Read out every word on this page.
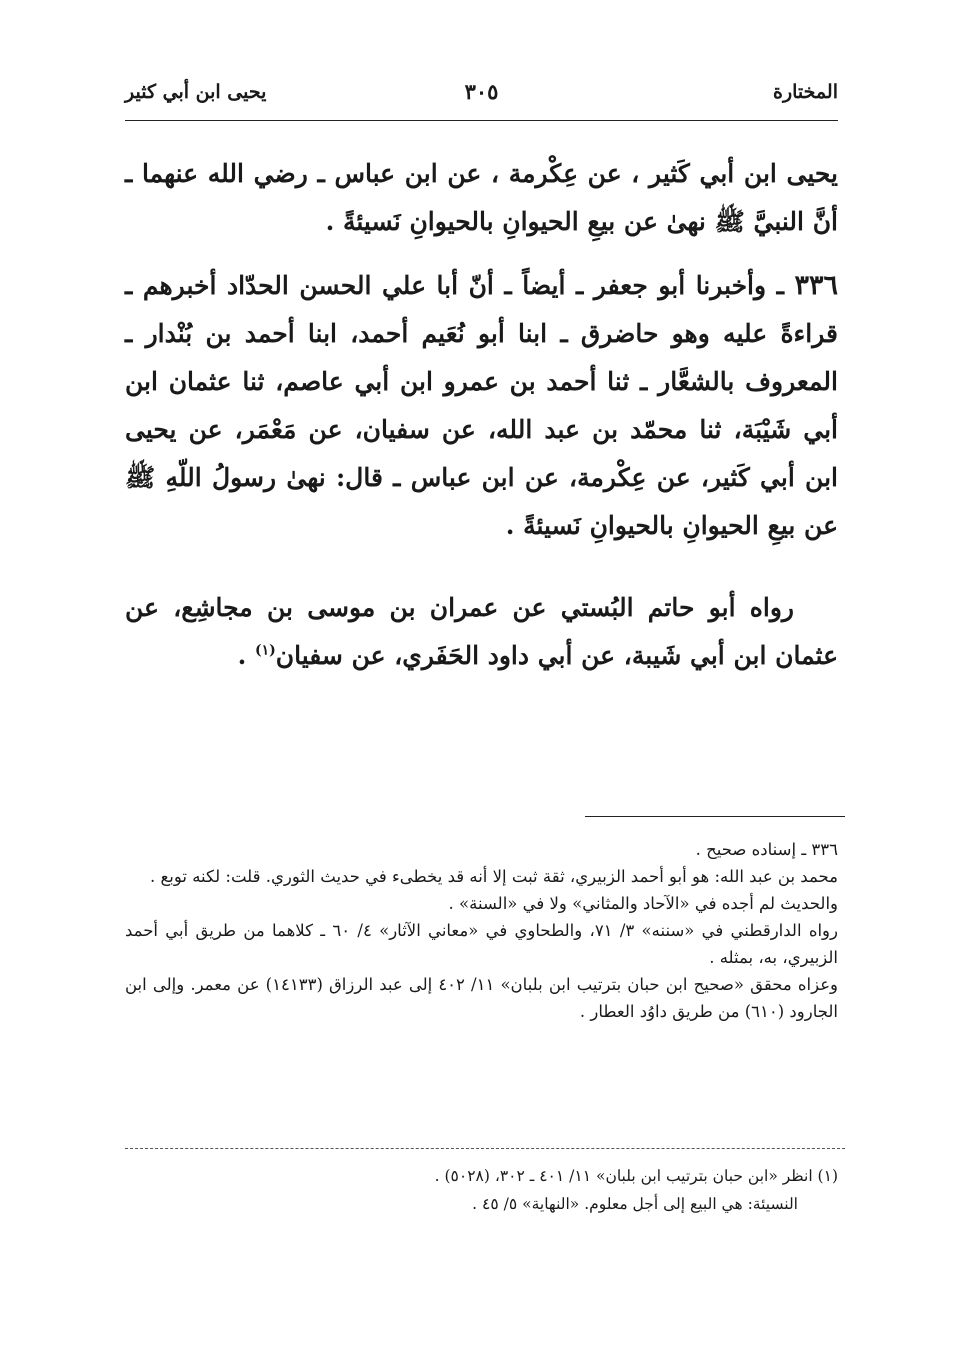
المختارة
٣٠٥
يحيى ابن أبي كثير

يحيى ابن أبي كَثير ، عن عِكْرمة ، عن ابن عباس ـ رضي الله عنهما ـ أنَّ النبيَّ ﷺ نهىٰ عن بيعِ الحيوانِ بالحيوانِ نَسيئةً .

٣٣٦ ـ وأخبرنا أبو جعفر ـ أيضاً ـ أنّ أبا علي الحسن الحدّاد أخبرهم ـ قراءةً عليه وهو حاضرق ـ ابنا أبو نُعَيم أحمد، ابنا أحمد بن بُنْدار ـ المعروف بالشعَّار ـ ثنا أحمد بن عمرو ابن أبي عاصم، ثنا عثمان ابن أبي شَيْبَة، ثنا محمّد بن عبد الله، عن سفيان، عن مَعْمَر، عن يحيى ابن أبي كَثير، عن عِكْرمة، عن ابن عباس ـ قال: نهىٰ رسولُ اللّهِ ﷺ عن بيعِ الحيوانِ بالحيوانِ نَسيئةً .

رواه أبو حاتم البُستي عن عمران بن موسى بن مجاشِع، عن عثمان ابن أبي شَيبة، عن أبي داود الحَفَري، عن سفيان$^{(١)}$ .

٣٣٦ ـ إسناده صحيح .

محمد بن عبد الله: هو أبو أحمد الزبيري، ثقة ثبت إلا أنه قد يخطىء في حديث الثوري. قلت: لكنه توبع .

والحديث لم أجده في «الآحاد والمثاني» ولا في «السنة» .

رواه الدارقطني في «سننه» ٣/ ٧١، والطحاوي في «معاني الآثار» ٤/ ٦٠ ـ كلاهما من طريق أبي أحمد الزبيري، به، بمثله .

وعزاه محقق «صحيح ابن حبان بترتيب ابن بلبان» ١١/ ٤٠٢ إلى عبد الرزاق (١٤١٣٣) عن معمر. وإلى ابن الجارود (٦١٠) من طريق داوُد العطار .

(١) انظر «ابن حبان بترتيب ابن بلبان» ١١/ ٤٠١ ـ ٣٠٢، (٥٠٢٨) .

النسيئة: هي البيع إلى أجل معلوم. «النهاية» ٥/ ٤٥ .
